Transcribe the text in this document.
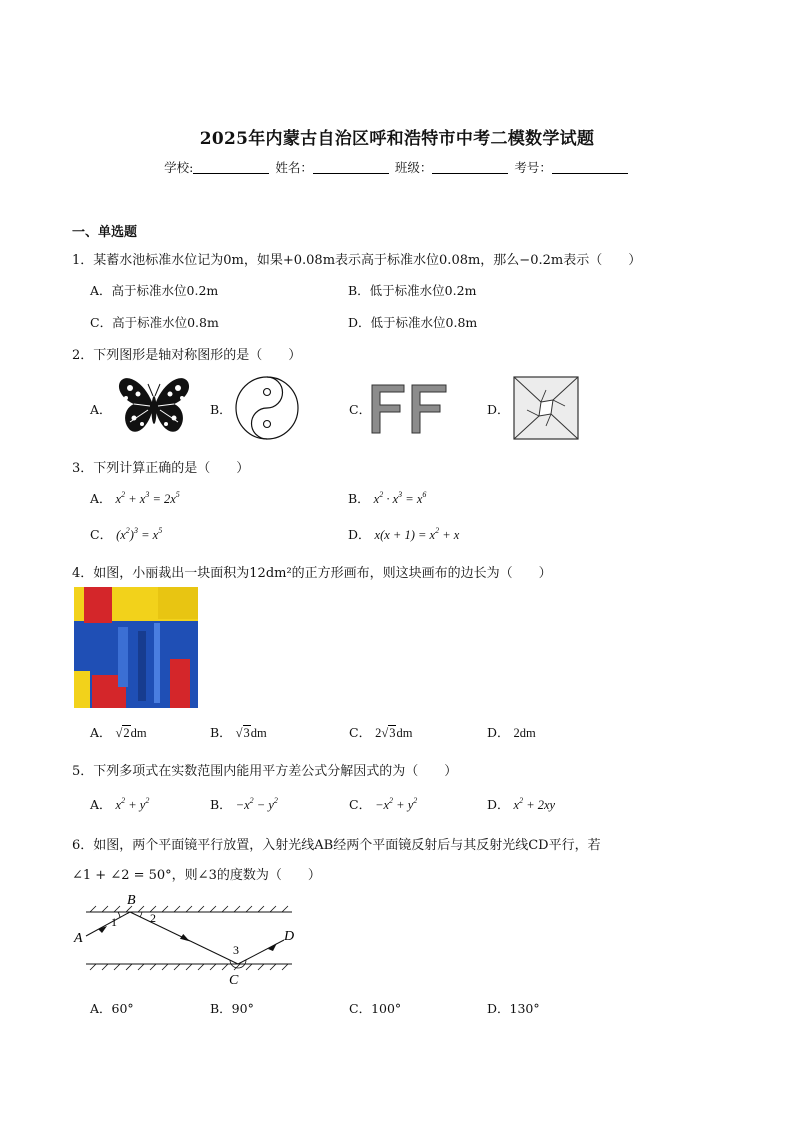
2025年内蒙古自治区呼和浩特市中考二模数学试题
学校:	姓名：	班级：	考号：
一、单选题
1．某蓄水池标准水位记为0m，如果+0.08m表示高于标准水位0.08m，那么−0.2m表示（　　）
A．高于标准水位0.2m	B．低于标准水位0.2m
C．高于标准水位0.8m	D．低于标准水位0.8m
2．下列图形是轴对称图形的是（　　）
A．	B．	C．	D．
3．下列计算正确的是（　　）
A． $x^2 + x^3 = 2x^5$	B． $x^2 \cdot x^3 = x^6$
C． $(x^2)^3 = x^5$	D． $x(x + 1) = x^2 + x$
4．如图，小丽裁出一块面积为12dm²的正方形画布，则这块画布的边长为（　　）
A． √2dm	B． √3dm	C． 2√3dm	D． 2dm
5．下列多项式在实数范围内能用平方差公式分解因式的为（　　）
A． $x^2 + y^2$	B． $-x^2 - y^2$	C． $-x^2 + y^2$	D． $x^2 + 2xy$
6．如图，两个平面镜平行放置，入射光线AB经两个平面镜反射后与其反射光线CD平行，若
∠1 + ∠2 = 50°，则∠3的度数为（　　）
B
A
C
D
1	2
3
A．60°	B．90°	C．100°	D．130°
